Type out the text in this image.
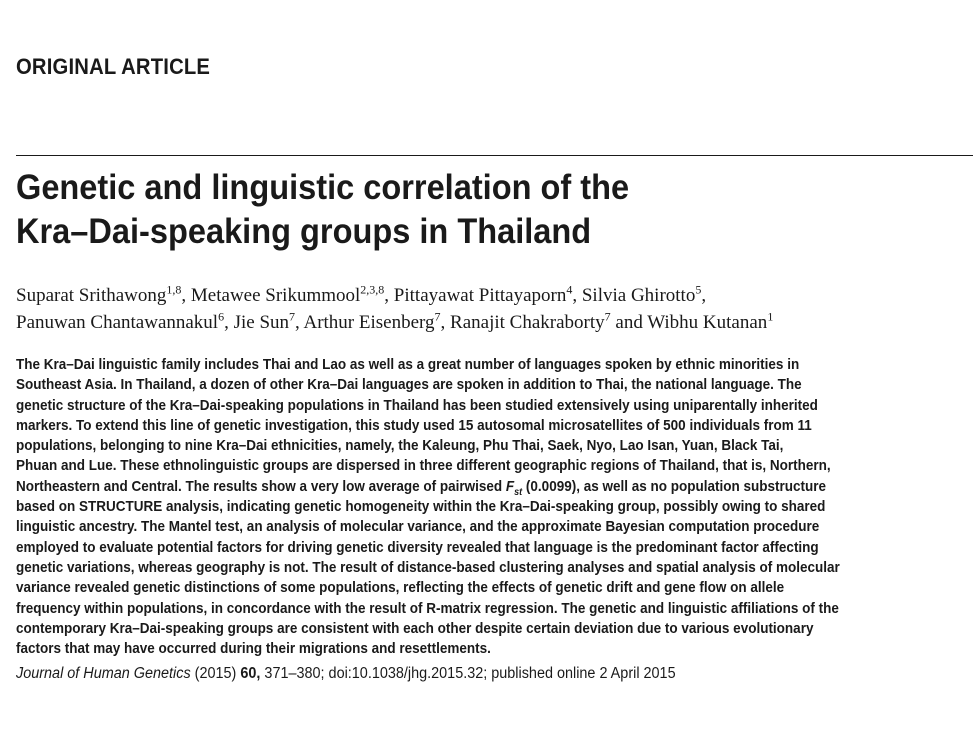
ORIGINAL ARTICLE
Genetic and linguistic correlation of the
Kra–Dai-speaking groups in Thailand
Suparat Srithawong$^{1,8}$, Metawee Srikummool$^{2,3,8}$, Pittayawat Pittayaporn$^4$, Silvia Ghirotto$^5$,
Panuwan Chantawannakul$^6$, Jie Sun$^7$, Arthur Eisenberg$^7$, Ranajit Chakraborty$^7$ and Wibhu Kutanan$^1$
The Kra–Dai linguistic family includes Thai and Lao as well as a great number of languages spoken by ethnic minorities in
Southeast Asia. In Thailand, a dozen of other Kra–Dai languages are spoken in addition to Thai, the national language. The
genetic structure of the Kra–Dai-speaking populations in Thailand has been studied extensively using uniparentally inherited
markers. To extend this line of genetic investigation, this study used 15 autosomal microsatellites of 500 individuals from 11
populations, belonging to nine Kra–Dai ethnicities, namely, the Kaleung, Phu Thai, Saek, Nyo, Lao Isan, Yuan, Black Tai,
Phuan and Lue. These ethnolinguistic groups are dispersed in three different geographic regions of Thailand, that is, Northern,
Northeastern and Central. The results show a very low average of pairwised $F_{st}$ (0.0099), as well as no population substructure
based on STRUCTURE analysis, indicating genetic homogeneity within the Kra–Dai-speaking group, possibly owing to shared
linguistic ancestry. The Mantel test, an analysis of molecular variance, and the approximate Bayesian computation procedure
employed to evaluate potential factors for driving genetic diversity revealed that language is the predominant factor affecting
genetic variations, whereas geography is not. The result of distance-based clustering analyses and spatial analysis of molecular
variance revealed genetic distinctions of some populations, reflecting the effects of genetic drift and gene flow on allele
frequency within populations, in concordance with the result of R-matrix regression. The genetic and linguistic affiliations of the
contemporary Kra–Dai-speaking groups are consistent with each other despite certain deviation due to various evolutionary
factors that may have occurred during their migrations and resettlements.
Journal of Human Genetics (2015) 60, 371–380; doi:10.1038/jhg.2015.32; published online 2 April 2015
